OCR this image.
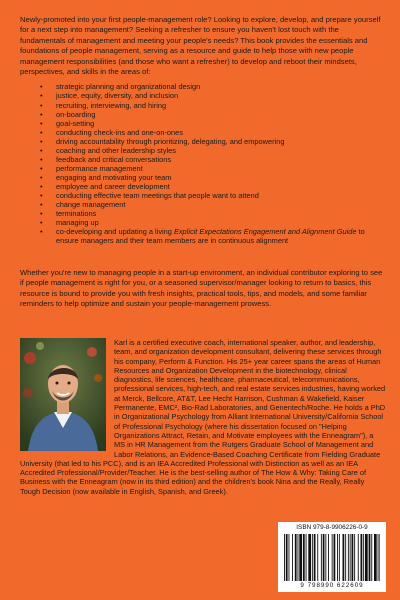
Newly-promoted into your first people-management role? Looking to explore, develop, and prepare yourself for a next step into management? Seeking a refresher to ensure you haven't lost touch with the fundamentals of management and meeting your people's needs? This book provides the essentials and foundations of people management, serving as a resource and guide to help those with new people management responsibilities (and those who want a refresher) to develop and reboot their mindsets, perspectives, and skills in the areas of:
• strategic planning and organizational design
• justice, equity, diversity, and inclusion
• recruiting, interviewing, and hiring
• on-boarding
• goal-setting
• conducting check-ins and one-on-ones
• driving accountability through prioritizing, delegating, and empowering
• coaching and other leadership styles
• feedback and critical conversations
• performance management
• engaging and motivating your team
• employee and career development
• conducting effective team meetings that people want to attend
• change management
• terminations
• managing up
• co-developing and updating a living Explicit Expectations Engagement and Alignment Guide to ensure managers and their team members are in continuous alignment
Whether you're new to managing people in a start-up environment, an individual contributor exploring to see if people management is right for you, or a seasoned supervisor/manager looking to return to basics, this resource is bound to provide you with fresh insights, practical tools, tips, and models, and some familiar reminders to help optimize and sustain your people-management prowess.
Karl is a certified executive coach, international speaker, author, and leadership, team, and organization development consultant, delivering these services through his company, Perform & Function. His 25+ year career spans the areas of Human Resources and Organization Development in the biotechnology, clinical diagnostics, life sciences, healthcare, pharmaceutical, telecommunications, professional services, high-tech, and real estate services industries, having worked at Merck, Bellcore, AT&T, Lee Hecht Harrison, Cushman & Wakefield, Kaiser Permanente, EMC², Bio-Rad Laboratories, and Genentech/Roche. He holds a PhD in Organizational Psychology from Alliant International University/California School of Professional Psychology (where his dissertation focused on "Helping Organizations Attract, Retain, and Motivate employees with the Enneagram"), a MS in HR Management from the Rutgers Graduate School of Management and Labor Relations, an Evidence-Based Coaching Certificate from Fielding Graduate University (that led to his PCC), and is an IEA Accredited Professional with Distinction as well as an IEA Accredited Professional/Provider/Teacher. He is the best-selling author of The How & Why: Taking Care of Business with the Enneagram (now in its third edition) and the children's book Nina and the Really, Really Tough Decision (now available in English, Spanish, and Greek).
ISBN 979-8-9906226-0-9
9 798990 622609
